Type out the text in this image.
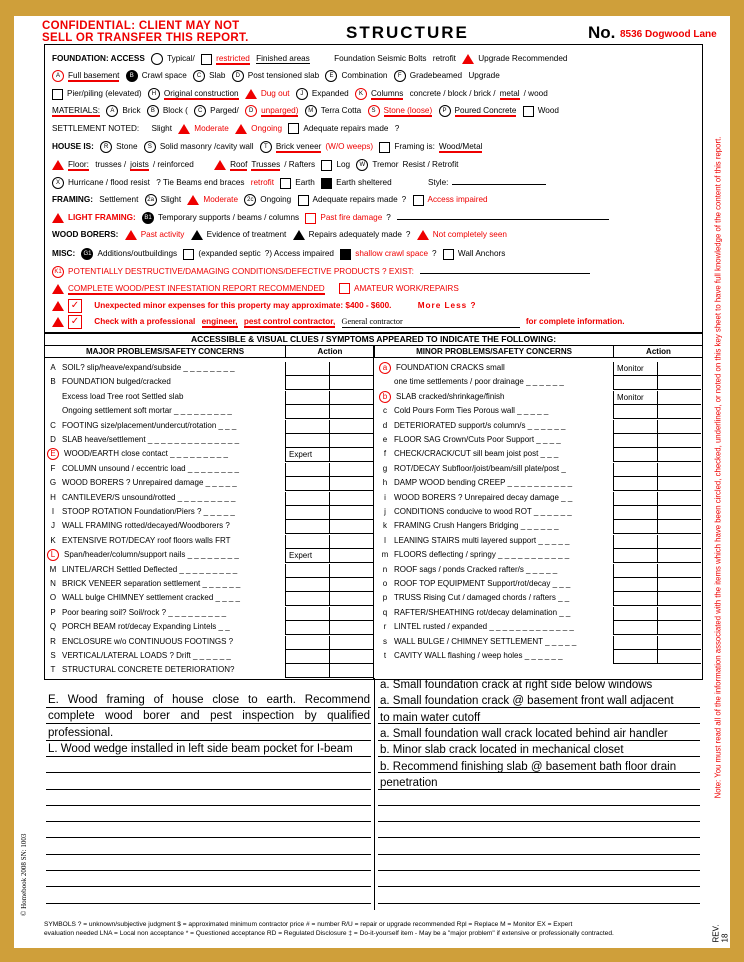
CONFIDENTIAL: CLIENT MAY NOT
SELL OR TRANSFER THIS REPORT.	STRUCTURE	No. 8536 Dogwood Lane
FOUNDATION: ACCESS	Typical/	restricted Finished areas	Foundation Seismic Bolts retrofit	Upgrade Recommended
A Full basement B Crawl space C Slab D Post tensioned slab E Combination F Gradebeamed Upgrade
Pier/piling (elevated) H Original construction	Dug out J Expanded K Columns concrete / block / brick / metal / wood
MATERIALS: A Brick B Block ( C Parged/ D unparged) M Terra Cotta S Stone (loose) P Poured Concrete	Wood
SETTLEMENT NOTED: Slight	Moderate	Ongoing	Adequate repairs made ?
HOUSE IS: R Stone S Solid masonry /cavity wall T Brick veneer (W/O weeps)	Framing is: Wood/Metal
Floor: trusses / joists / reinforced	Roof Trusses / Rafters	Log W Tremor Resist / Retrofit
X Hurricane / flood resist ? Tie Beams end braces retrofit	Earth	Earth sheltered	Style:
FRAMING: Settlement 2a Slight	Moderate 2c Ongoing	Adequate repairs made ?	Access impaired
LIGHT FRAMING: B1 Temporary supports / beams / columns	Past fire damage ?
WOOD BORERS:	Past activity	Evidence of treatment	Repairs adequately made ?	Not completely seen
MISC: G1 Additions/outbuildings	(expanded septic ?) Access impaired	shallow crawl space ?	Wall Anchors
K1 POTENTIALLY DESTRUCTIVE/DAMAGING CONDITIONS/DEFECTIVE PRODUCTS ? EXIST:
COMPLETE WOOD/PEST INFESTATION REPORT RECOMMENDED	AMATEUR WORK/REPAIRS
✓ Unexpected minor expenses for this property may approximate: $400 - $600.	More Less ?
✓ Check with a professional engineer, pest control contractor, General contractor	for complete information.
ACCESSIBLE & VISUAL CLUES / SYMPTOMS APPEARED TO INDICATE THE FOLLOWING:
MAJOR PROBLEMS/SAFETY CONCERNS	Action	MINOR PROBLEMS/SAFETY CONCERNS	Action
A SOIL? slip/heave/expand/subside _ _ _ _ _ _ _ _
B FOUNDATION bulged/cracked
Excess load Tree root Settled slab
Ongoing settlement soft mortar _ _ _ _ _ _ _ _ _
C FOOTING size/placement/undercut/rotation _ _ _
D SLAB heave/settlement _ _ _ _ _ _ _ _ _ _ _ _ _ _
E WOOD/EARTH close contact _ _ _ _ _ _ _ _ _	Expert
F COLUMN unsound / eccentric load _ _ _ _ _ _ _ _
G WOOD BORERS ? Unrepaired damage _ _ _ _ _
H CANTILEVER/S unsound/rotted _ _ _ _ _ _ _ _ _
I STOOP ROTATION Foundation/Piers ? _ _ _ _ _
J WALL FRAMING rotted/decayed/Woodborers ?
K EXTENSIVE ROT/DECAY roof floors walls FRT
L Span/header/column/support nails _ _ _ _ _ _ _ _	Expert
M LINTEL/ARCH Settled Deflected _ _ _ _ _ _ _ _ _
N BRICK VENEER separation settlement _ _ _ _ _ _
O WALL bulge CHIMNEY settlement cracked _ _ _ _
P Poor bearing soil? Soil/rock ? _ _ _ _ _ _ _ _ _
Q PORCH BEAM rot/decay Expanding Lintels _ _
R ENCLOSURE w/o CONTINUOUS FOOTINGS ?
S VERTICAL/LATERAL LOADS ? Drift _ _ _ _ _ _
T STRUCTURAL CONCRETE DETERIORATION?
a FOUNDATION CRACKS small	Monitor
one time settlements / poor drainage _ _ _ _ _ _
b SLAB cracked/shrinkage/finish	Monitor
c Cold Pours Form Ties Porous wall _ _ _ _ _
d DETERIORATED support/s column/s _ _ _ _ _ _
e FLOOR SAG Crown/Cuts Poor Support _ _ _ _
f CHECK/CRACK/CUT sill beam joist post _ _ _
g ROT/DECAY Subfloor/joist/beam/sill plate/post _
h DAMP WOOD bending CREEP _ _ _ _ _ _ _ _ _ _
i WOOD BORERS ? Unrepaired decay damage _ _
j CONDITIONS conducive to wood ROT _ _ _ _ _ _
k FRAMING Crush Hangers Bridging _ _ _ _ _ _
l LEANING STAIRS multi layered support _ _ _ _ _
m FLOORS deflecting / springy _ _ _ _ _ _ _ _ _ _ _
n ROOF sags / ponds Cracked rafter/s _ _ _ _ _
o ROOF TOP EQUIPMENT Support/rot/decay _ _ _
p TRUSS Rising Cut / damaged chords / rafters _ _
q RAFTER/SHEATHING rot/decay delamination _ _
r LINTEL rusted / expanded _ _ _ _ _ _ _ _ _ _ _ _ _
s WALL BULGE / CHIMNEY SETTLEMENT _ _ _ _ _
t CAVITY WALL flashing / weep holes _ _ _ _ _ _
E. Wood framing of house close to earth. Recommend
complete wood borer and pest inspection by qualified
professional.
L. Wood wedge installed in left side beam pocket for I-beam
a. Small foundation crack at right side below windows
a. Small foundation crack @ basement front wall adjacent
to main water cutoff
a. Small foundation wall crack located behind air handler
b. Minor slab crack located in mechanical closet
b. Recommend finishing slab @ basement bath floor drain
penetration
SYMBOLS ? = unknown/subjective judgment $ = approximated minimum contractor price # = number R/U = repair or upgrade recommended Rpl = Replace M = Monitor EX = Expert
evaluation needed LNA = Local non acceptance * = Questioned acceptance RD = Regulated Disclosure ‡ = Do-it-yourself item - May be a "major problem" if extensive or professionally contracted.
Note: You must read all of the information associated with the items which have been circled, checked, underlined, or noted on this key sheet to have full knowledge of the content of this report.
REV. 18
© Homebook 2008 SN: 1003
